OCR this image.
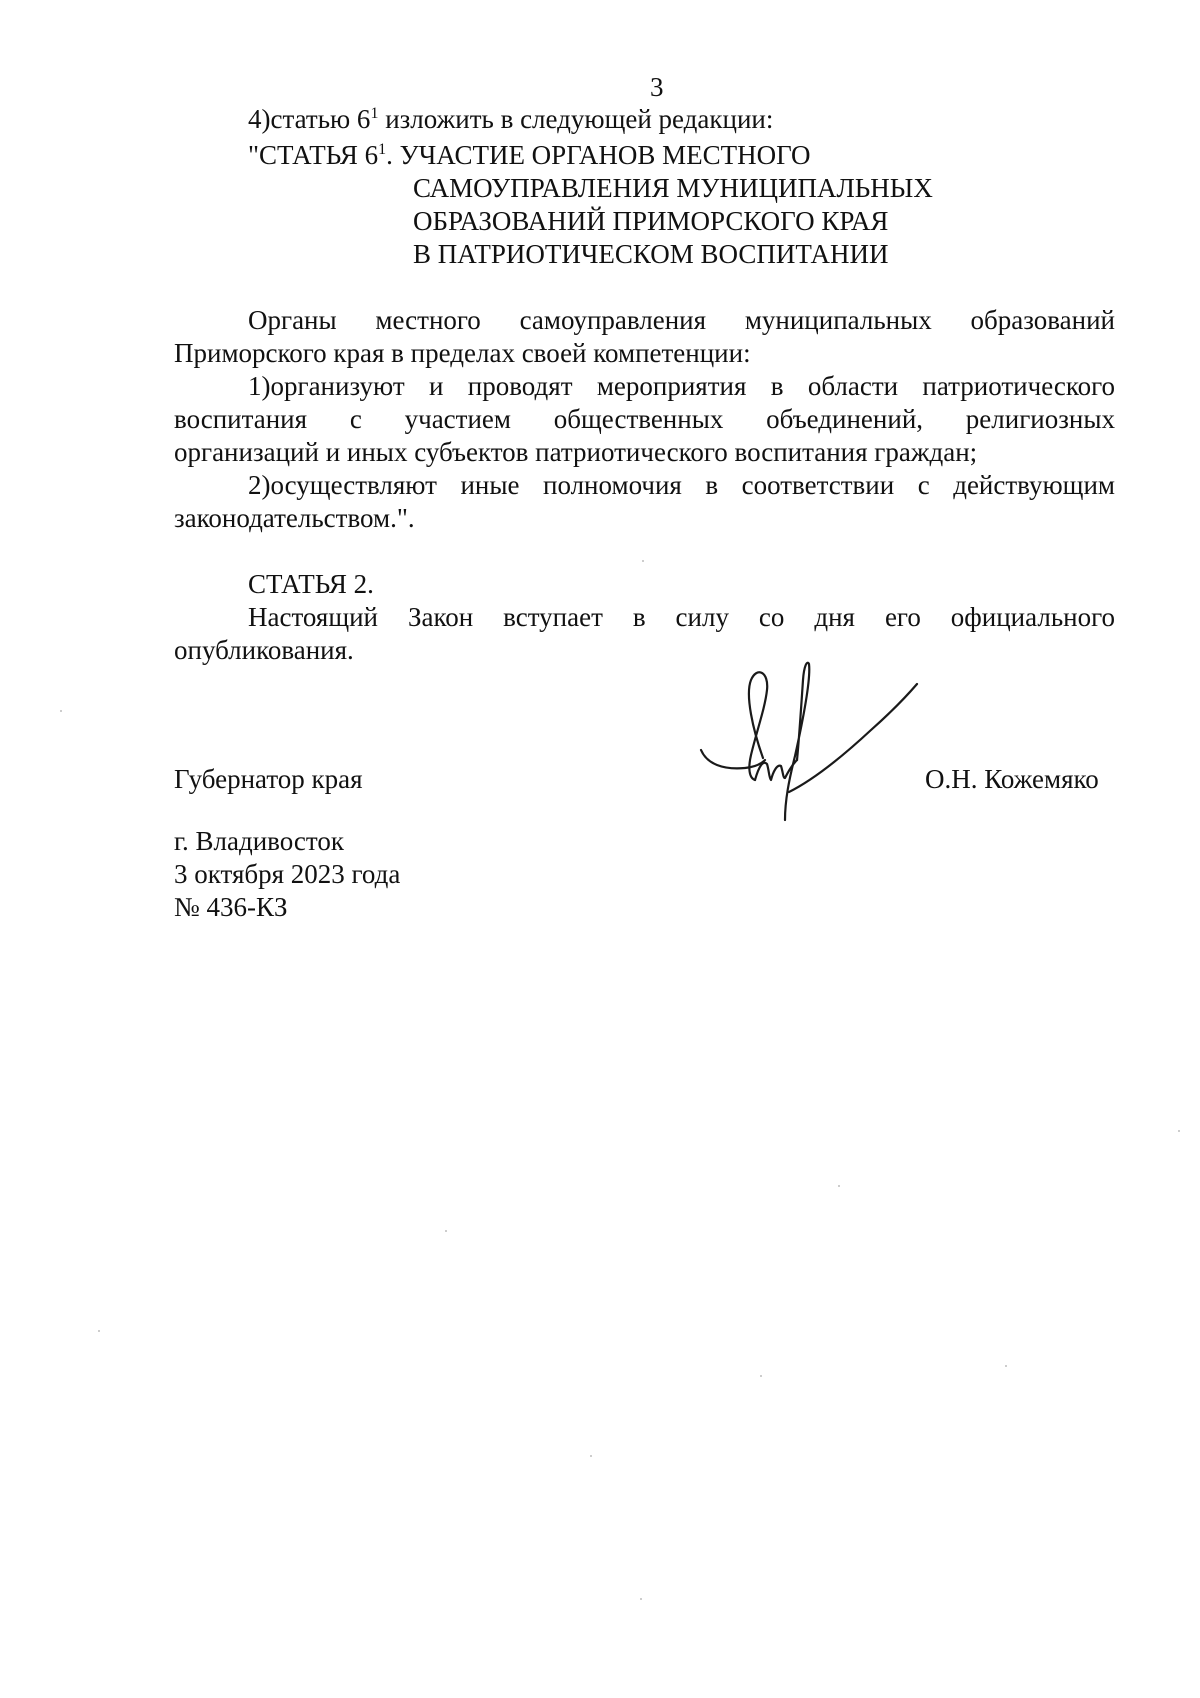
3
4)статью $6^1$ изложить в следующей редакции:
"СТАТЬЯ $6^1$. УЧАСТИЕ ОРГАНОВ МЕСТНОГО
САМОУПРАВЛЕНИЯ МУНИЦИПАЛЬНЫХ
ОБРАЗОВАНИЙ ПРИМОРСКОГО КРАЯ
В ПАТРИОТИЧЕСКОМ ВОСПИТАНИИ
Органы местного самоуправления муниципальных образований
Приморского края в пределах своей компетенции:
1)организуют и проводят мероприятия в области патриотического
воспитания с участием общественных объединений, религиозных
организаций и иных субъектов патриотического воспитания граждан;
2)осуществляют иные полномочия в соответствии с действующим
законодательством.".
СТАТЬЯ 2.
Настоящий Закон вступает в силу со дня его официального
опубликования.
Губернатор края	О.Н. Кожемяко
г. Владивосток
3 октября 2023 года
№ 436-КЗ
